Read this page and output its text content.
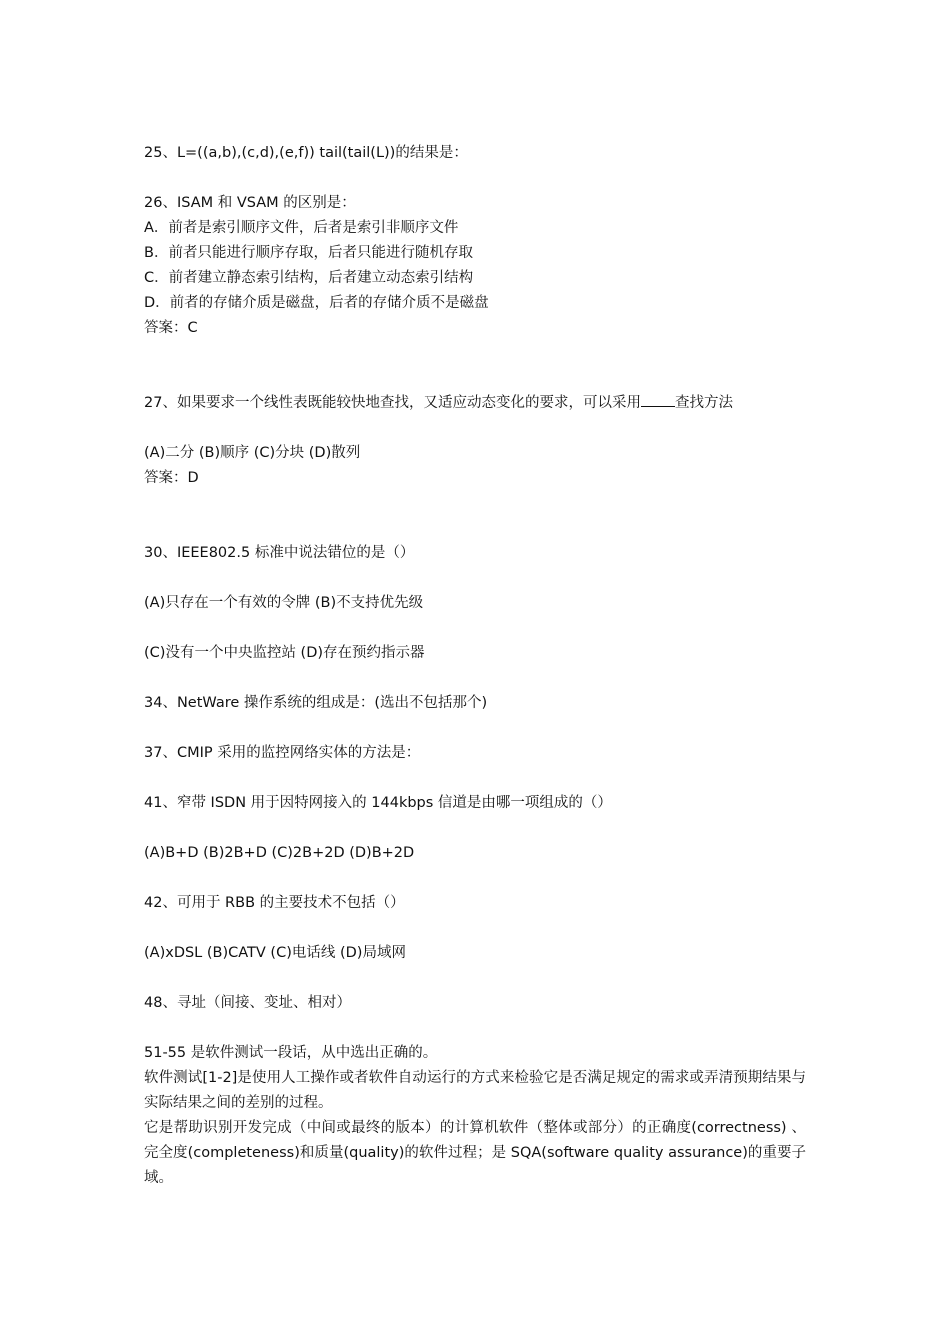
25、L=((a,b),(c,d),(e,f)) tail(tail(L))的结果是：
26、ISAM 和 VSAM 的区别是：
A．前者是索引顺序文件，后者是索引非顺序文件
B．前者只能进行顺序存取，后者只能进行随机存取
C．前者建立静态索引结构，后者建立动态索引结构
D．前者的存储介质是磁盘，后者的存储介质不是磁盘
答案：C
27、如果要求一个线性表既能较快地查找，又适应动态变化的要求，可以采用 查找方法
(A)二分 (B)顺序 (C)分块 (D)散列
答案：D
30、IEEE802.5 标准中说法错位的是（）
(A)只存在一个有效的令牌 (B)不支持优先级
(C)没有一个中央监控站 (D)存在预约指示器
34、NetWare 操作系统的组成是：(选出不包括那个)
37、CMIP 采用的监控网络实体的方法是：
41、窄带 ISDN 用于因特网接入的 144kbps 信道是由哪一项组成的（）
(A)B+D (B)2B+D (C)2B+2D (D)B+2D
42、可用于 RBB 的主要技术不包括（）
(A)xDSL (B)CATV (C)电话线 (D)局域网
48、寻址（间接、变址、相对）
51-55 是软件测试一段话，从中选出正确的。
软件测试[1-2]是使用人工操作或者软件自动运行的方式来检验它是否满足规定的需求或弄清预期结果与实际结果之间的差别的过程。
它是帮助识别开发完成（中间或最终的版本）的计算机软件（整体或部分）的正确度(correctness) 、完全度(completeness)和质量(quality)的软件过程；是 SQA(software quality assurance)的重要子域。
